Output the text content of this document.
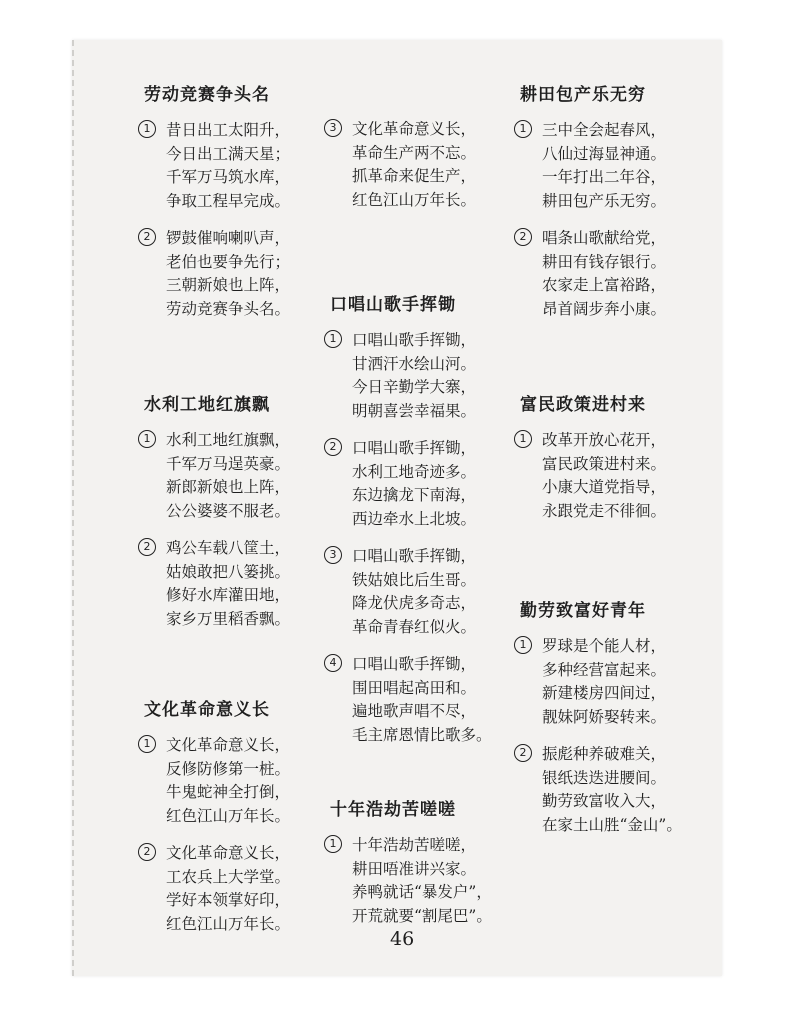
劳动竞赛争头名
1	昔日出工太阳升，
今日出工满天星；
千军万马筑水库，
争取工程早完成。
2	锣鼓催响喇叭声，
老伯也要争先行；
三朝新娘也上阵，
劳动竞赛争头名。
水利工地红旗飘
1	水利工地红旗飘，
千军万马逞英豪。
新郎新娘也上阵，
公公婆婆不服老。
2	鸡公车载八筐土，
姑娘敢把八篓挑。
修好水库灌田地，
家乡万里稻香飘。
文化革命意义长
1	文化革命意义长，
反修防修第一桩。
牛鬼蛇神全打倒，
红色江山万年长。
2	文化革命意义长，
工农兵上大学堂。
学好本领掌好印，
红色江山万年长。
3	文化革命意义长，
革命生产两不忘。
抓革命来促生产，
红色江山万年长。
口唱山歌手挥锄
1	口唱山歌手挥锄，
甘洒汗水绘山河。
今日辛勤学大寨，
明朝喜尝幸福果。
2	口唱山歌手挥锄，
水利工地奇迹多。
东边擒龙下南海，
西边牵水上北坡。
3	口唱山歌手挥锄，
铁姑娘比后生哥。
降龙伏虎多奇志，
革命青春红似火。
4	口唱山歌手挥锄，
围田唱起高田和。
遍地歌声唱不尽，
毛主席恩情比歌多。
十年浩劫苦嗟嗟
1	十年浩劫苦嗟嗟，
耕田唔准讲兴家。
养鸭就话“暴发户”，
开荒就要“割尾巴”。
耕田包产乐无穷
1	三中全会起春风，
八仙过海显神通。
一年打出二年谷，
耕田包产乐无穷。
2	唱条山歌献给党，
耕田有钱存银行。
农家走上富裕路，
昂首阔步奔小康。
富民政策进村来
1	改革开放心花开，
富民政策进村来。
小康大道党指导，
永跟党走不徘徊。
勤劳致富好青年
1	罗球是个能人材，
多种经营富起来。
新建楼房四间过，
靓妹阿娇娶转来。
2	振彪种养破难关，
银纸迭迭进腰间。
勤劳致富收入大，
在家土山胜“金山”。
46
